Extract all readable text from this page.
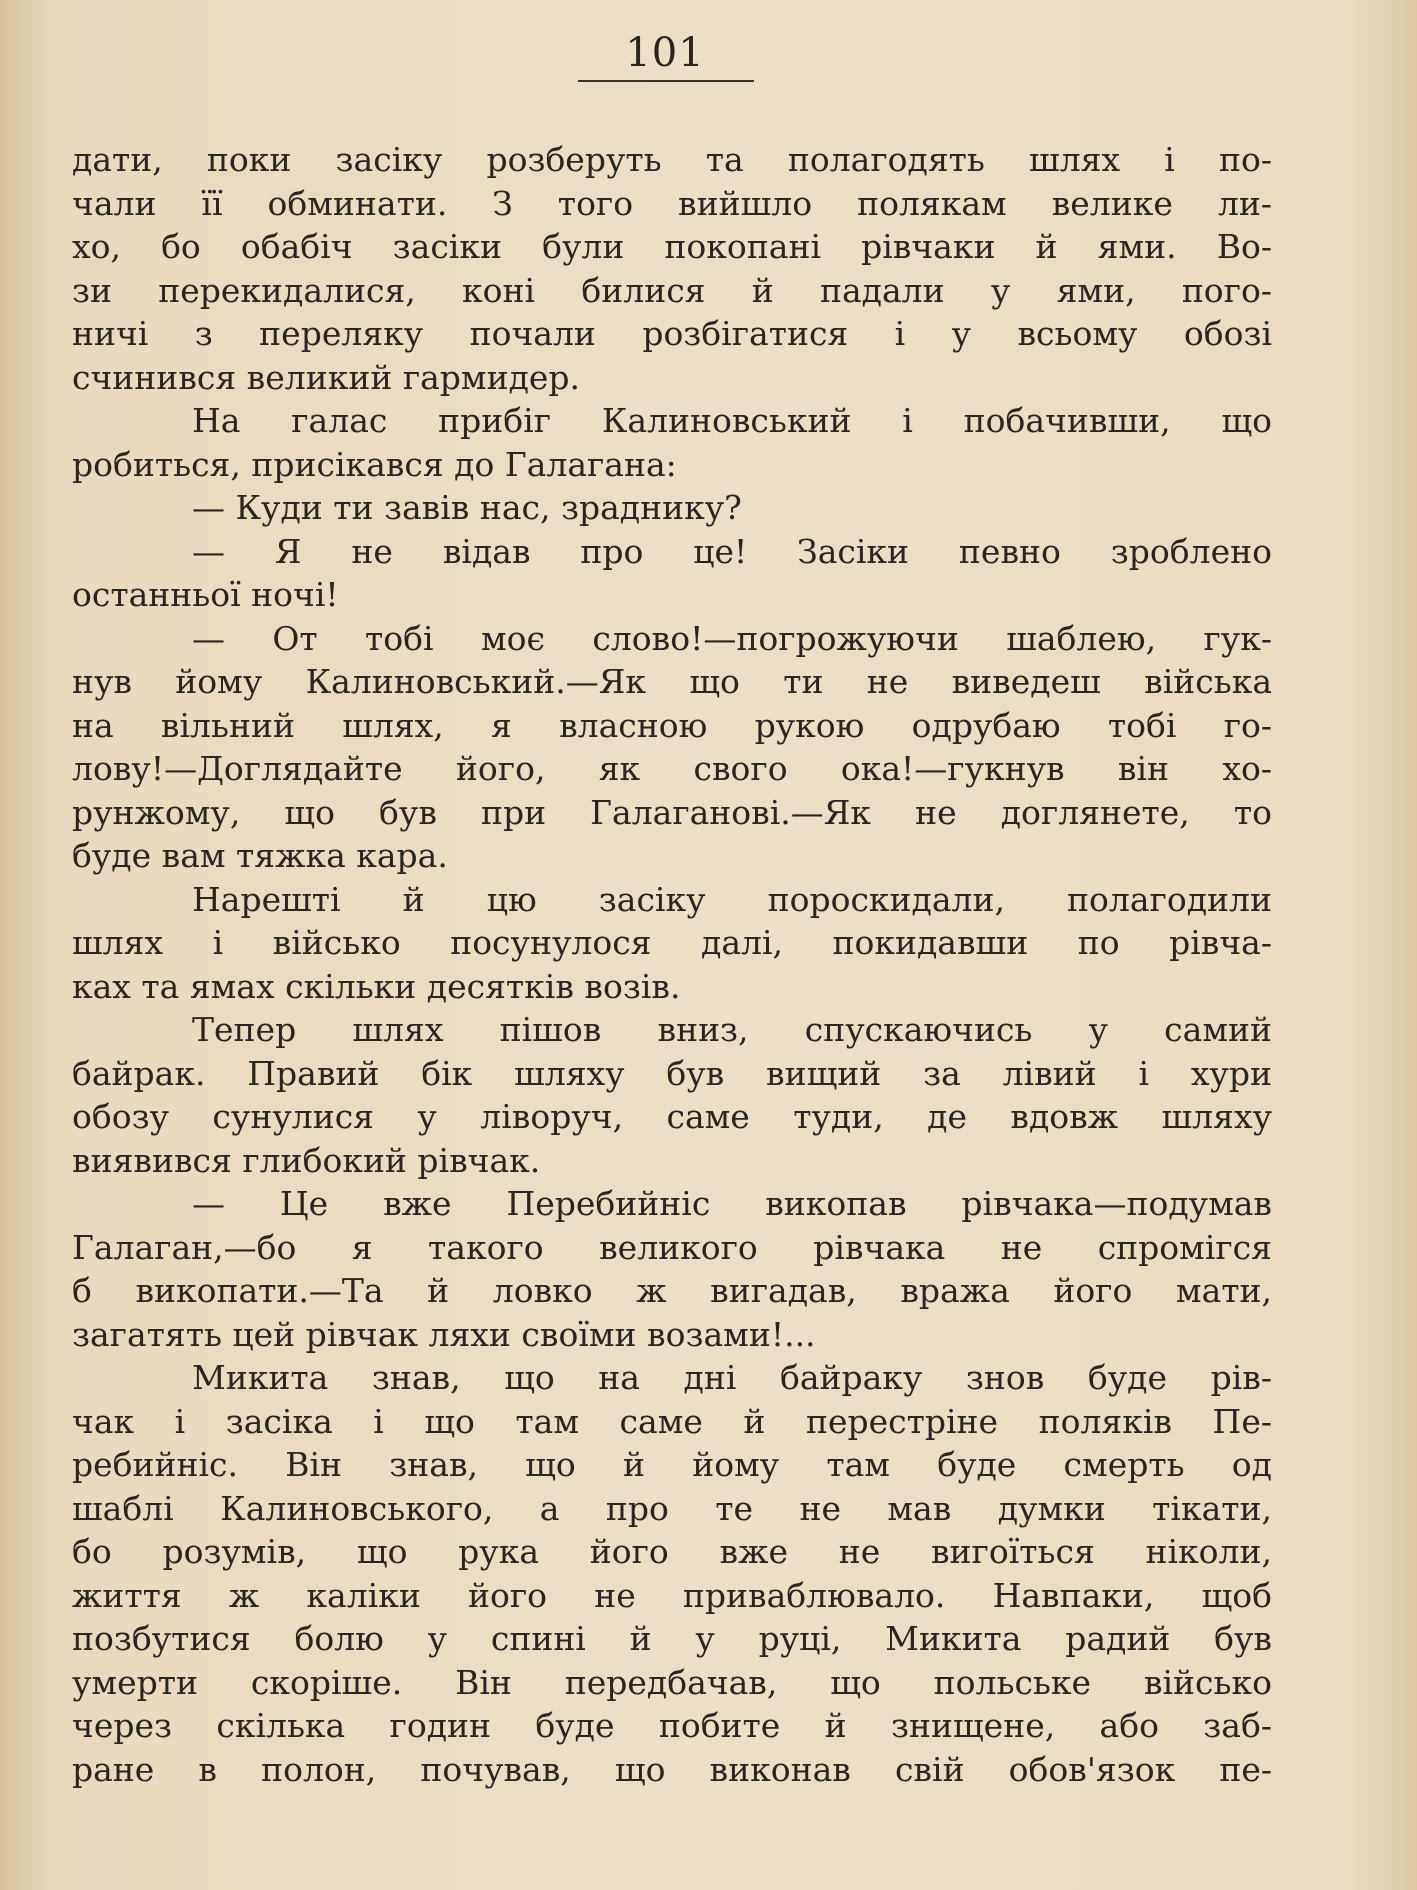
101
дати, поки засіку розберуть та полагодять шлях і по-
чали її обминати. З того вийшло полякам велике ли-
хо, бо обабіч засіки були покопані рівчаки й ями. Во-
зи перекидалися, коні билися й падали у ями, пого-
ничі з переляку почали розбігатися і у всьому обозі
счинився великий гармидер.
На галас прибіг Калиновський і побачивши, що
робиться, присікався до Галагана:
— Куди ти завів нас, зраднику?
— Я не відав про це! Засіки певно зроблено
останньої ночі!
— От тобі моє слово!—погрожуючи шаблею, гук-
нув йому Калиновський.—Як що ти не виведеш війська
на вільний шлях, я власною рукою одрубаю тобі го-
лову!—Доглядайте його, як свого ока!—гукнув він хо-
рунжому, що був при Галаганові.—Як не доглянете, то
буде вам тяжка кара.
Нарешті й цю засіку пороскидали, полагодили
шлях і військо посунулося далі, покидавши по рівча-
ках та ямах скільки десятків возів.
Тепер шлях пішов вниз, спускаючись у самий
байрак. Правий бік шляху був вищий за лівий і хури
обозу сунулися у ліворуч, саме туди, де вдовж шляху
виявився глибокий рівчак.
— Це вже Перебийніс викопав рівчака—подумав
Галаган,—бо я такого великого рівчака не спромігся
б викопати.—Та й ловко ж вигадав, вража його мати,
загатять цей рівчак ляхи своїми возами!...
Микита знав, що на дні байраку знов буде рів-
чак і засіка і що там саме й перестріне поляків Пе-
ребийніс. Він знав, що й йому там буде смерть од
шаблі Калиновського, а про те не мав думки тікати,
бо розумів, що рука його вже не вигоїться ніколи,
життя ж каліки його не приваблювало. Навпаки, щоб
позбутися болю у спині й у руці, Микита радий був
умерти скоріше. Він передбачав, що польське військо
через скілька годин буде побите й знищене, або заб-
ране в полон, почував, що виконав свій обов'язок пе-
